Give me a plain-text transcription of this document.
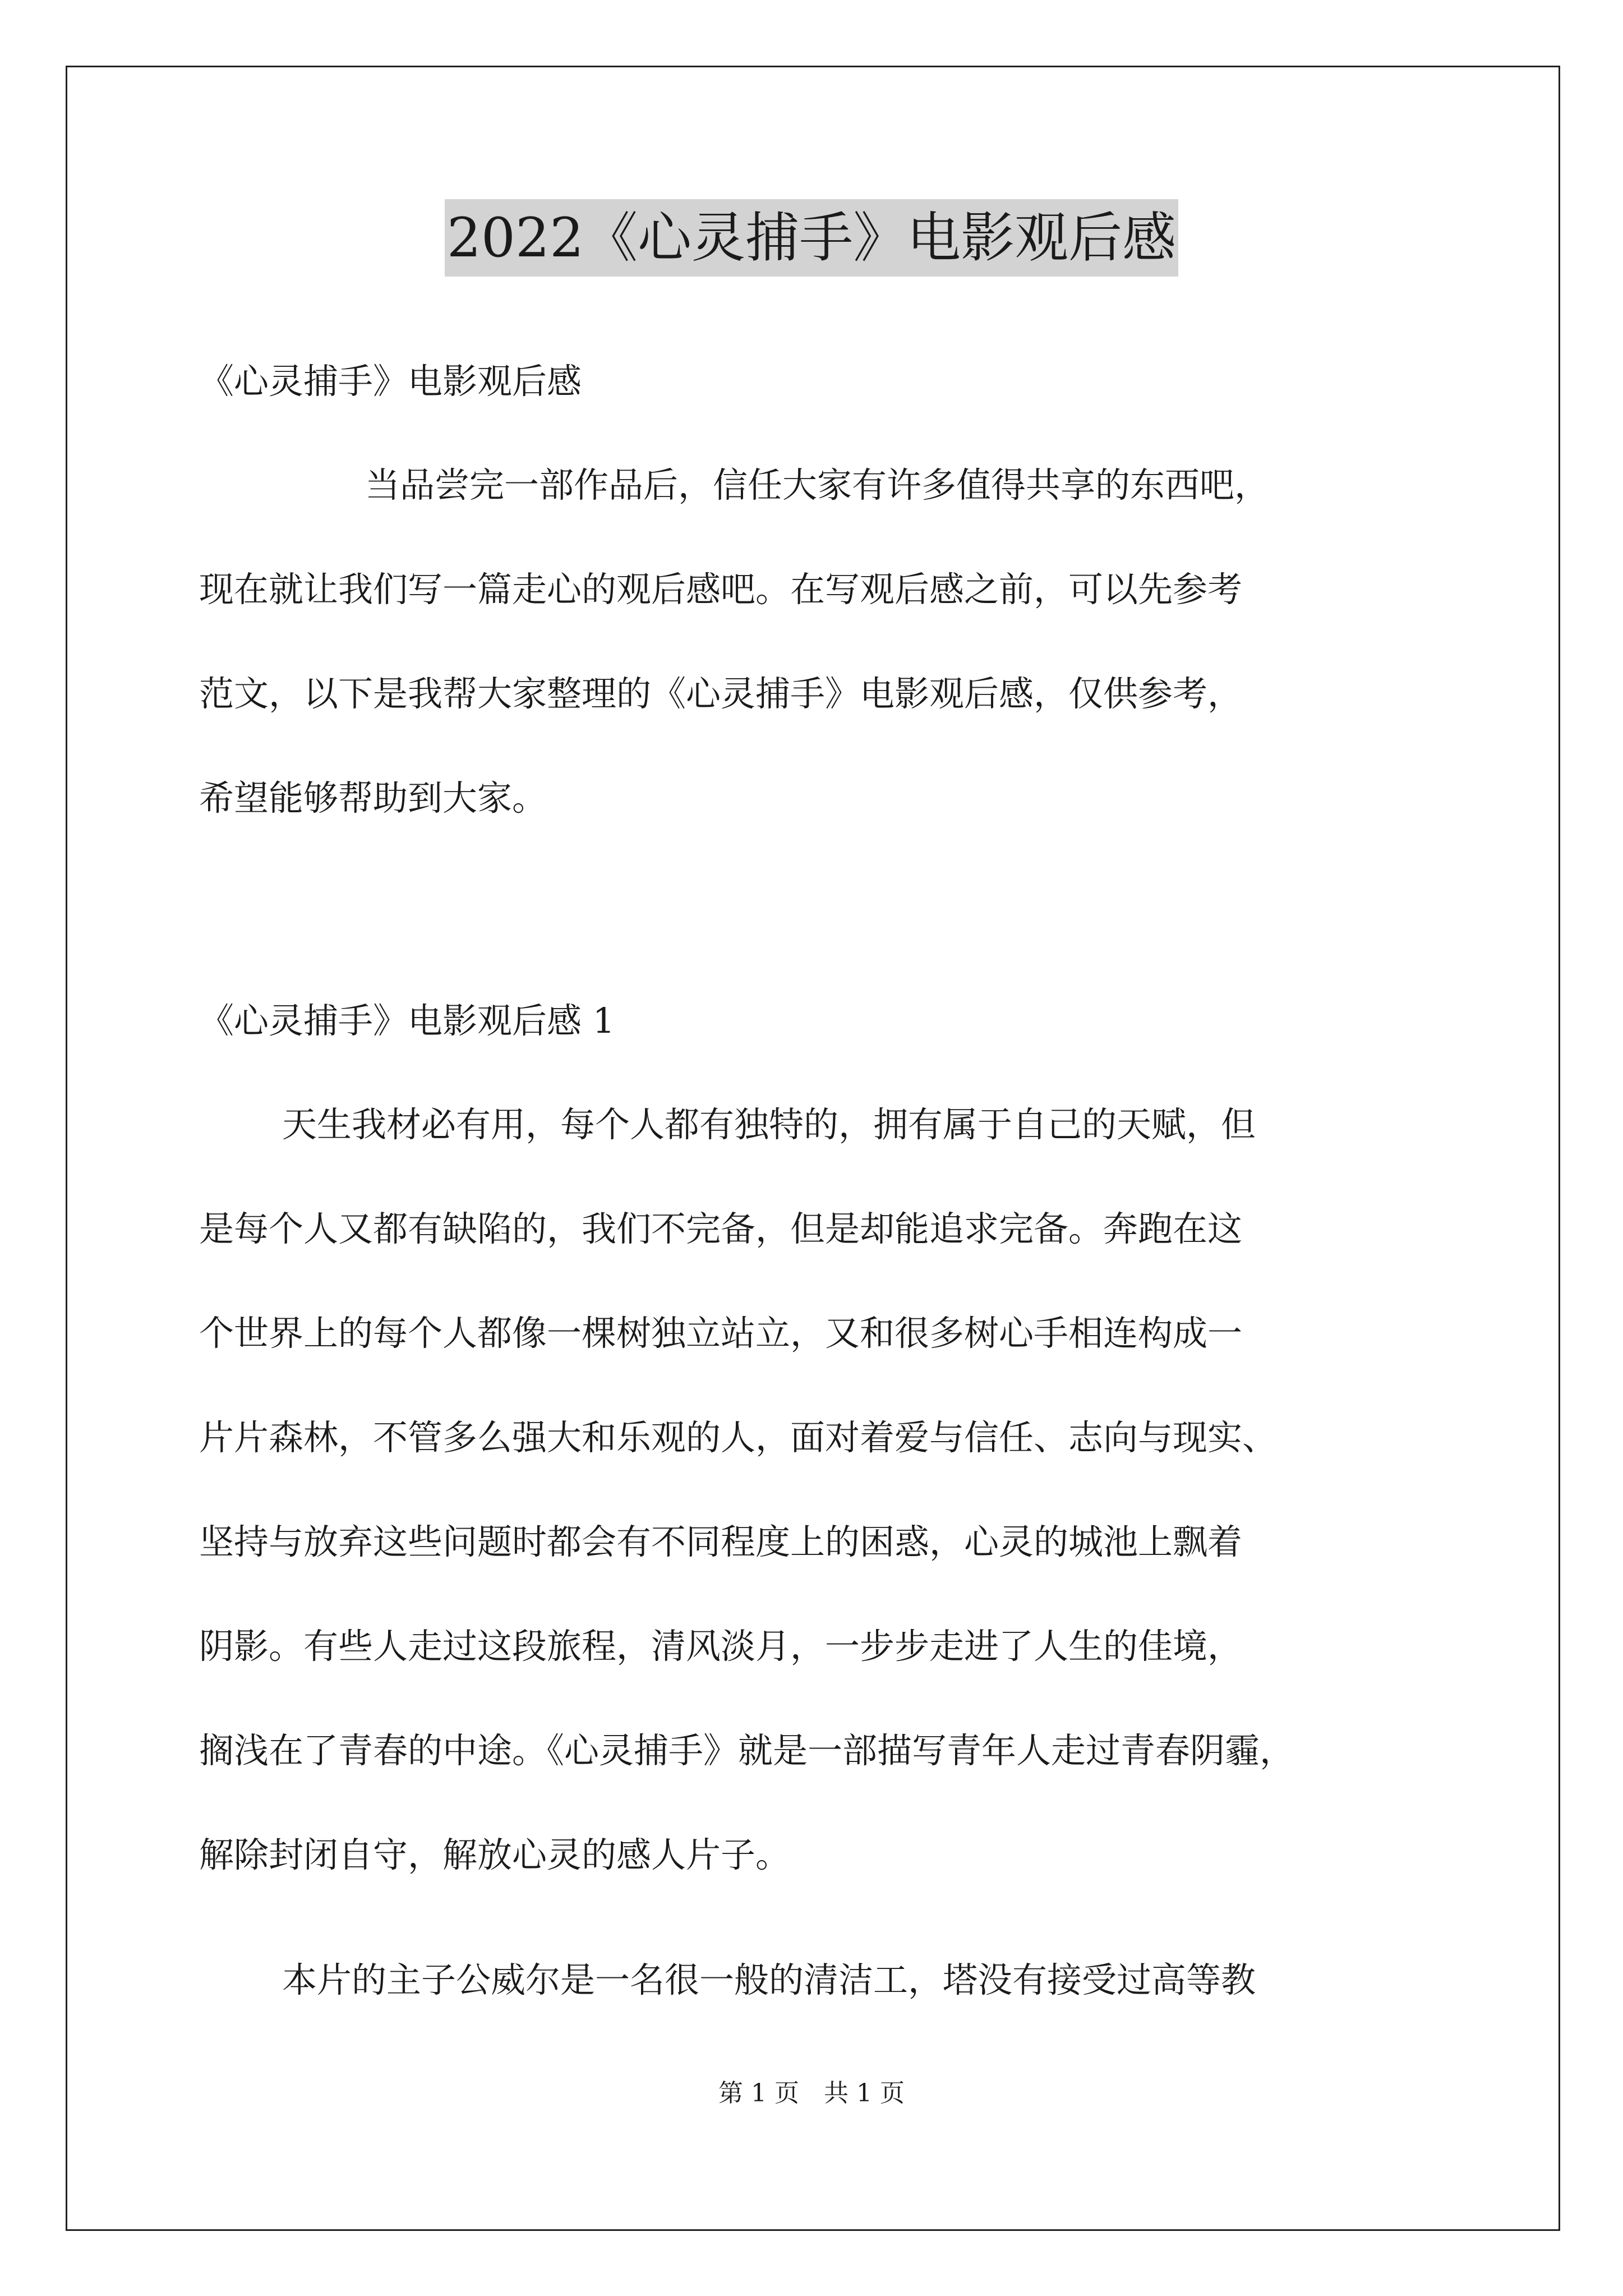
2022《心灵捕手》电影观后感
《心灵捕手》电影观后感
当品尝完一部作品后，信任大家有许多值得共享的东西吧，
现在就让我们写一篇走心的观后感吧。在写观后感之前，可以先参考
范文，以下是我帮大家整理的《心灵捕手》电影观后感，仅供参考，
希望能够帮助到大家。
《心灵捕手》电影观后感 1
天生我材必有用，每个人都有独特的，拥有属于自己的天赋，但
是每个人又都有缺陷的，我们不完备，但是却能追求完备。奔跑在这
个世界上的每个人都像一棵树独立站立，又和很多树心手相连构成一
片片森林，不管多么强大和乐观的人，面对着爱与信任、志向与现实、
坚持与放弃这些问题时都会有不同程度上的困惑，心灵的城池上飘着
阴影。有些人走过这段旅程，清风淡月，一步步走进了人生的佳境，
搁浅在了青春的中途。《心灵捕手》就是一部描写青年人走过青春阴霾，
解除封闭自守，解放心灵的感人片子。
本片的主子公威尔是一名很一般的清洁工，塔没有接受过高等教
第 1 页　共 1 页
